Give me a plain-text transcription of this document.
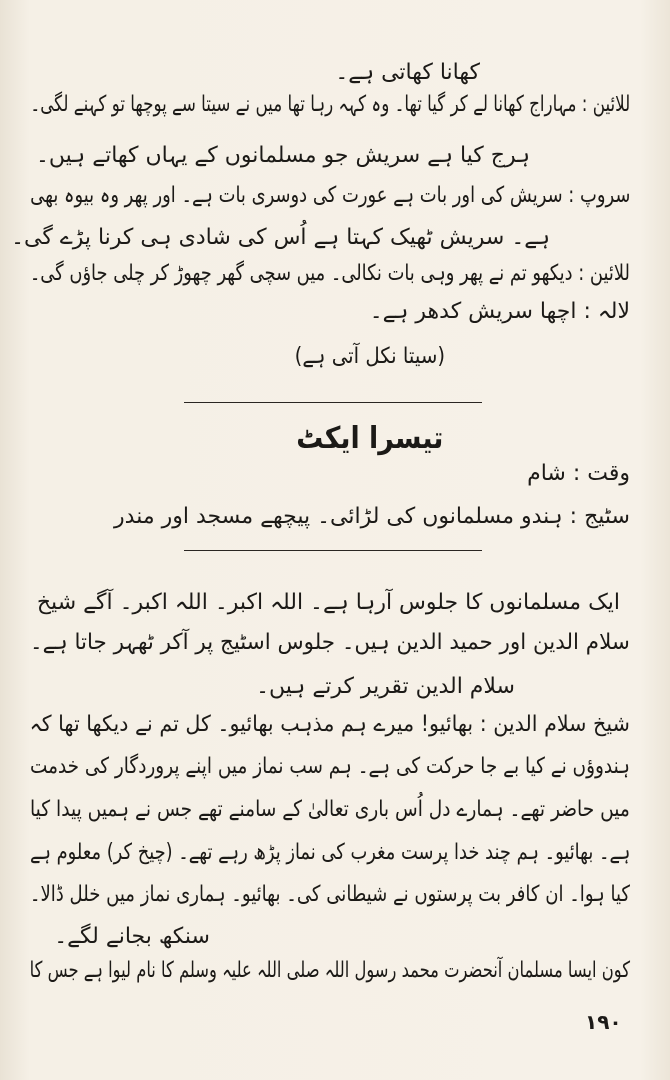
کھانا کھاتی ہے۔
للائین : مہاراج کھانا لے کر گیا تھا۔ وہ کہہ رہا تھا میں نے سیتا سے پوچھا تو کہنے لگی۔
ہرج کیا ہے سریش جو مسلمانوں کے یہاں کھاتے ہیں۔
سروپ : سریش کی اور بات ہے عورت کی دوسری بات ہے۔ اور پھر وہ بیوہ بھی
ہے۔ سریش ٹھیک کہتا ہے اُس کی شادی ہی کرنا پڑے گی۔
للائین : دیکھو تم نے پھر وہی بات نکالی۔ میں سچی گھر چھوڑ کر چلی جاؤں گی۔
لالہ : اچھا سریش کدھر ہے۔
(سیتا نکل آتی ہے)
تیسرا ایکٹ
وقت : شام
سٹیج : ہندو مسلمانوں کی لڑائی۔ پیچھے مسجد اور مندر
ایک مسلمانوں کا جلوس آرہا ہے۔ اللہ اکبر۔ اللہ اکبر۔ آگے شیخ
سلام الدین اور حمید الدین ہیں۔ جلوس اسٹیج پر آکر ٹھہر جاتا ہے۔
سلام الدین تقریر کرتے ہیں۔
شیخ سلام الدین : بھائیو! میرے ہم مذہب بھائیو۔ کل تم نے دیکھا تھا کہ
ہندوؤں نے کیا بے جا حرکت کی ہے۔ ہم سب نماز میں اپنے پروردگار کی خدمت
میں حاضر تھے۔ ہمارے دل اُس باری تعالیٰ کے سامنے تھے جس نے ہمیں پیدا کیا
ہے۔ بھائیو۔ ہم چند خدا پرست مغرب کی نماز پڑھ رہے تھے۔ (چیخ کر) معلوم ہے
کیا ہوا۔ ان کافر بت پرستوں نے شیطانی کی۔ بھائیو۔ ہماری نماز میں خلل ڈالا۔
سنکھ بجانے لگے۔
کون ایسا مسلمان آنحضرت محمد رسول اللہ صلی اللہ علیہ وسلم کا نام لیوا ہے جس کا
۱۹۰
